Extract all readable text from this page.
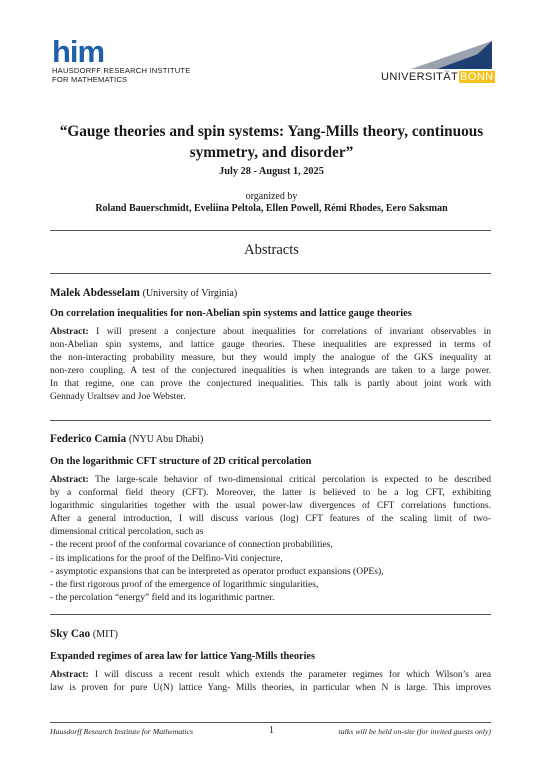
him
HAUSDORFF RESEARCH INSTITUTE
FOR MATHEMATICS	UNIVERSITÄT BONN
“Gauge theories and spin systems: Yang-Mills theory, continuous symmetry, and disorder”
July 28 - August 1, 2025
organized by
Roland Bauerschmidt, Eveliina Peltola, Ellen Powell, Rémi Rhodes, Eero Saksman
Abstracts
Malek Abdesselam (University of Virginia)
On correlation inequalities for non-Abelian spin systems and lattice gauge theories
Abstract: I will present a conjecture about inequalities for correlations of invariant observables in
non-Abelian spin systems, and lattice gauge theories. These inequalities are expressed in terms of
the non-interacting probability measure, but they would imply the analogue of the GKS inequality at
non-zero coupling. A test of the conjectured inequalities is when integrands are taken to a large power.
In that regime, one can prove the conjectured inequalities. This talk is partly about joint work with
Gennady Uraltsev and Joe Webster.
Federico Camia (NYU Abu Dhabi)
On the logarithmic CFT structure of 2D critical percolation
Abstract: The large-scale behavior of two-dimensional critical percolation is expected to be described
by a conformal field theory (CFT). Moreover, the latter is believed to be a log CFT, exhibiting
logarithmic singularities together with the usual power-law divergences of CFT correlations functions.
After a general introduction, I will discuss various (log) CFT features of the scaling limit of two-
dimensional critical percolation, such as
- the recent proof of the conformal covariance of connection probabilities,
- its implications for the proof of the Delfino-Viti conjecture,
- asymptotic expansions that can be interpreted as operator product expansions (OPEs),
- the first rigorous proof of the emergence of logarithmic singularities,
- the percolation “energy” field and its logarithmic partner.
Sky Cao (MIT)
Expanded regimes of area law for lattice Yang-Mills theories
Abstract: I will discuss a recent result which extends the parameter regimes for which Wilson’s area
law is proven for pure U(N) lattice Yang- Mills theories, in particular when N is large. This improves
Hausdorff Research Institute for Mathematics	1	talks will be held on-site (for invited guests only)
